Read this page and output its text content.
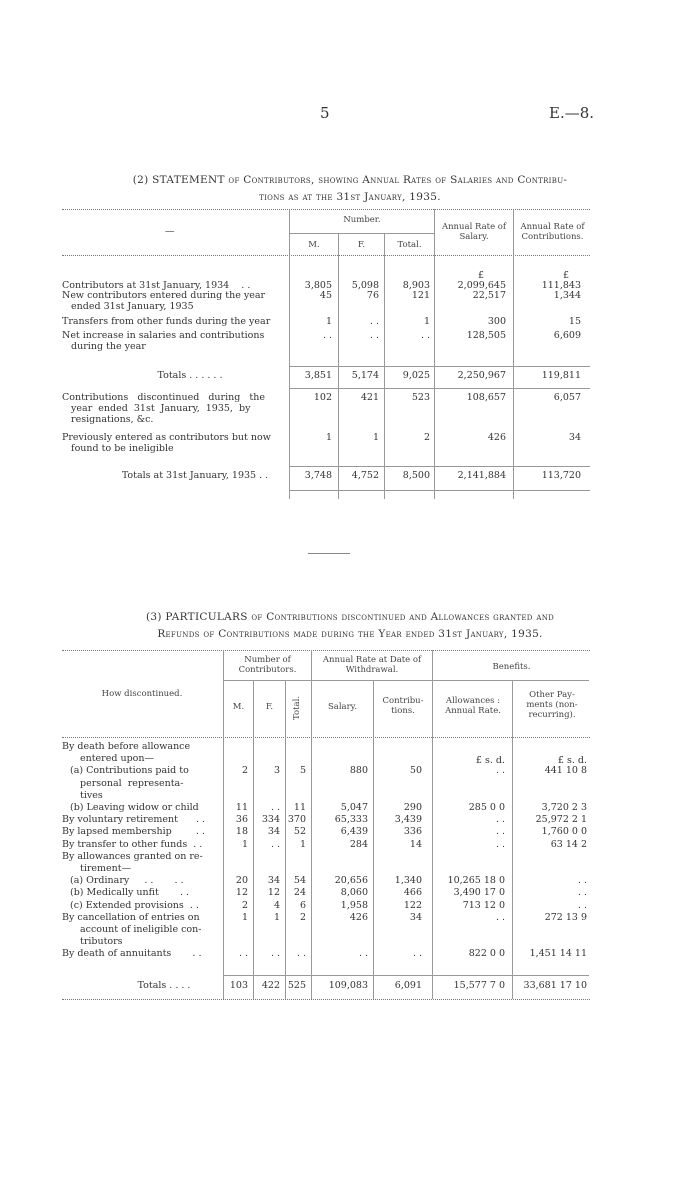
5	E.—8.
(2) STATEMENT of Contributors, showing Annual Rates of Salaries and Contribu-
tions as at the 31st January, 1935.
—
Number.
M.	F.	Total.
Annual Rate of Salary.
Annual Rate of Contributions.
£	£
Contributors at 31st January, 1934    . .	3,805	5,098	8,903	2,099,645	111,843
New contributors entered during the year
ended 31st January, 1935
45	76	121	22,517	1,344
Transfers from other funds during the year	1	. .	1	300	15
Net increase in salaries and contributions
during the year
. .	. .	. .	128,505	6,609
Totals . . . . . .	3,851	5,174	9,025	2,250,967	119,811
Contributions   discontinued   during   the
year  ended  31st  January,  1935,  by
resignations, &c.
102	421	523	108,657	6,057
Previously entered as contributors but now
found to be ineligible
1	1	2	426	34
Totals at 31st January, 1935 . .	3,748	4,752	8,500	2,141,884	113,720
(3) PARTICULARS of Contributions discontinued and Allowances granted and
Refunds of Contributions made during the Year ended 31st January, 1935.
How discontinued.
Number of Contributors.
M.	F.	Total.
Annual Rate at Date of Withdrawal.
Salary.
Contribu- tions.
Benefits.
Allowances : Annual Rate.
Other Pay- ments (non- recurring).
£ s. d.	£ s. d.
By death before allowance
entered upon—
(a) Contributions paid to	2	3	5	880	50	. .	441 10 8
personal  representa-
tives
(b) Leaving widow or child	11	. .	11	5,047	290	285 0 0	3,720 2 3
By voluntary retirement      . .	36	334 370	65,333	3,439	. .	25,972 2 1
By lapsed membership        . .	18	34	52	6,439	336	. .	1,760 0 0
By transfer to other funds  . .	1	. .	1	284	14	. .	63 14 2
By allowances granted on re-
tirement—
(a) Ordinary     . .       . .	20	34	54	20,656	1,340	10,265 18 0	. .
(b) Medically unfit       . .	12	12	24	8,060	466	3,490 17 0	. .
(c) Extended provisions  . .	2	4	6	1,958	122	713 12 0	. .
By cancellation of entries on	1	1	2	426	34	. .	272 13 9
account of ineligible con-
tributors
By death of annuitants       . .	. .	. .	. .	. .	. .	822 0 0	1,451 14 11
Totals . . . .	103	422 525	109,083	6,091	15,577 7 0	33,681 17 10
